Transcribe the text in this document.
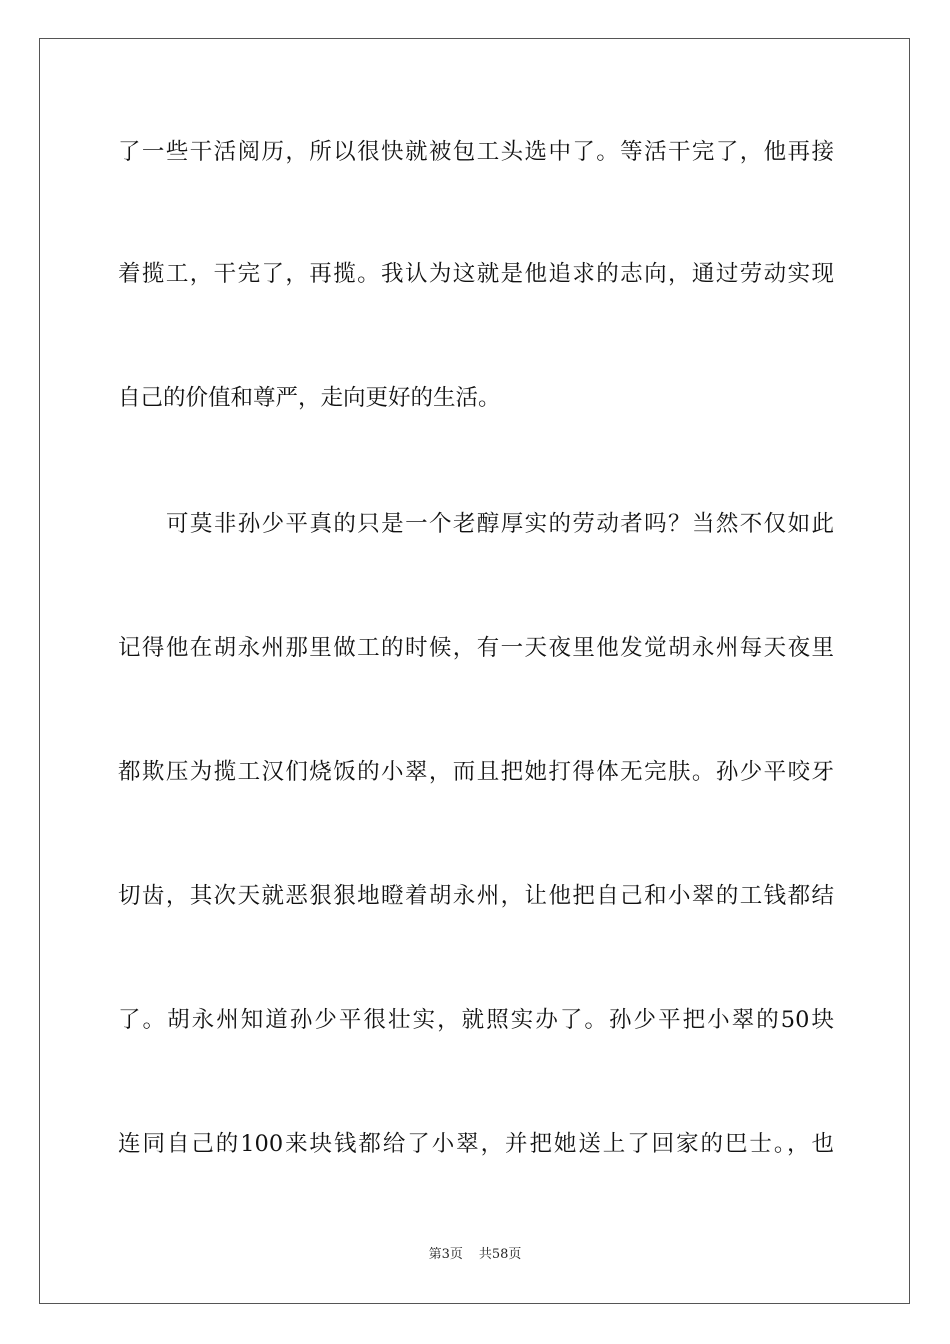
了一些干活阅历，所以很快就被包工头选中了。等活干完了，他再接
着揽工，干完了，再揽。我认为这就是他追求的志向，通过劳动实现
自己的价值和尊严，走向更好的生活。
可莫非孙少平真的只是一个老醇厚实的劳动者吗？当然不仅如此
记得他在胡永州那里做工的时候，有一天夜里他发觉胡永州每天夜里
都欺压为揽工汉们烧饭的小翠，而且把她打得体无完肤。孙少平咬牙
切齿，其次天就恶狠狠地瞪着胡永州，让他把自己和小翠的工钱都结
了。胡永州知道孙少平很壮实，就照实办了。孙少平把小翠的50块
连同自己的100来块钱都给了小翠，并把她送上了回家的巴士。，也
第3页 共58页
